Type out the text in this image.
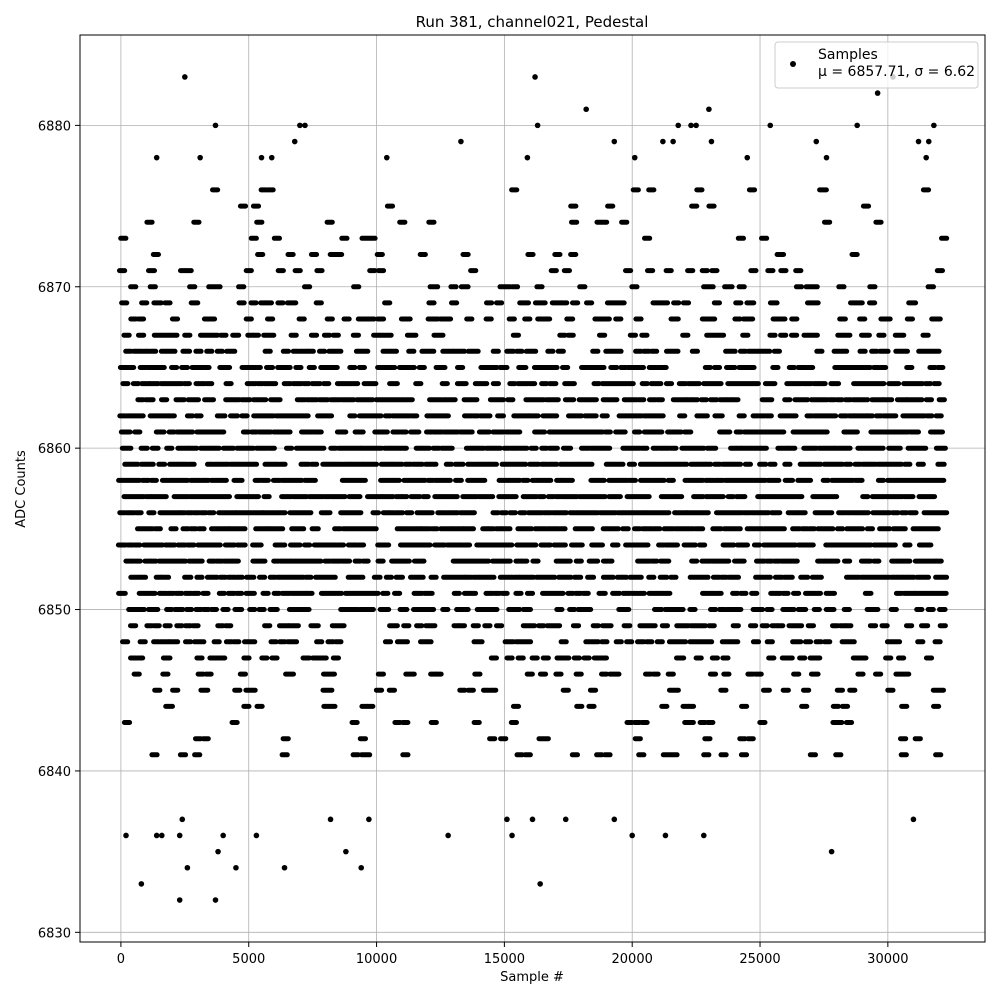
Run 381, channel021, Pedestal
0	5000	10000	15000	20000	25000	30000
6830
6840
6850
6860
6870
6880
Sample #
ADC Counts
Samples
μ = 6857.71, σ = 6.62
